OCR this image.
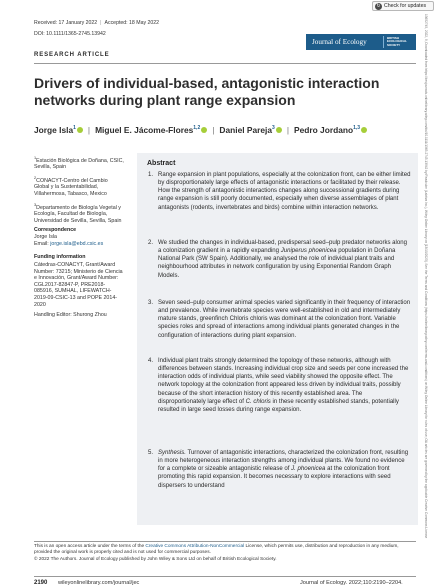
↻ Check for updates
Received: 17 January 2022 | Accepted: 18 May 2022
DOI: 10.1111/1365-2745.13942
Journal of Ecology
BRITISH
ECOLOGICAL
SOCIETY
RESEARCH ARTICLE
Drivers of individual-based, antagonistic interaction networks during plant range expansion
Jorge Isla$^1$ | Miguel E. Jácome-Flores$^{1,2}$ | Daniel Pareja$^3$ | Pedro Jordano$^{1,3}$
$^1$Estación Biológica de Doñana, CSIC, Sevilla, Spain
$^2$CONACYT-Centro del Cambio Global y la Sustentabilidad, Villahermosa, Tabasco, Mexico
$^3$Departamento de Biología Vegetal y Ecología, Facultad de Biología, Universidad de Sevilla, Sevilla, Spain
Correspondence
Jorge Isla
Email: jorge.isla@ebd.csic.es
Funding information
Cátedras-CONACYT, Grant/Award Number: 73215; Ministerio de Ciencia e Innovación, Grant/Award Number: CGL2017-82847-P, PRE2018-085916, SUMHAL, LIFEWATCH-2019-09-CSIC-13 and POPE 2014-2020
Handling Editor: Shurong Zhou
Abstract
1. Range expansion in plant populations, especially at the colonization front, can be either limited by disproportionately large effects of antagonistic interactions or facilitated by their release. How the strength of antagonistic interactions changes along successional gradients during range expansion is still poorly documented, especially when diverse assemblages of plant antagonists (rodents, invertebrates and birds) combine within interaction networks.
2. We studied the changes in individual-based, predispersal seed–pulp predator networks along a colonization gradient in a rapidly expanding Juniperus phoenicea population in Doñana National Park (SW Spain). Additionally, we analysed the role of individual plant traits and neighbourhood attributes in network configuration by using Exponential Random Graph Models.
3. Seven seed–pulp consumer animal species varied significantly in their frequency of interaction and prevalence. While invertebrate species were well-established in old and intermediately mature stands, greenfinch Chloris chloris was dominant at the colonization front. Variable species roles and spread of interactions among individual plants generated changes in the configuration of interactions during plant expansion.
4. Individual plant traits strongly determined the topology of these networks, although with differences between stands. Increasing individual crop size and seeds per cone increased the interaction odds of individual plants, while seed viability showed the opposite effect. The network topology at the colonization front appeared less driven by individual traits, possibly because of the short interaction history of this recently established area. The disproportionately large effect of C. chloris in these recently established stands, potentially resulted in large seed losses during range expansion.
5. Synthesis. Turnover of antagonistic interactions, characterized the colonization front, resulting in more heterogeneous interaction strengths among individual plants. We found no evidence for a complete or sizeable antagonistic release of J. phoenicea at the colonization front promoting this rapid expansion. It becomes necessary to explore interactions with seed dispersers to understand
This is an open access article under the terms of the Creative Commons Attribution-NonCommercial License, which permits use, distribution and reproduction in any medium, provided the original work is properly cited and is not used for commercial purposes.
© 2022 The Authors. Journal of Ecology published by John Wiley & Sons Ltd on behalf of British Ecological Society.
2190 wileyonlinelibrary.com/journal/jec	Journal of Ecology. 2022;110:2190–2204.
13652745, 2022, 9, Downloaded from https://besjournals.onlinelibrary.wiley.com/doi/10.1111/1365-2745.13942 by Readcube (Labtiva Inc.), Wiley Online Library on [13/10/2023]. See the Terms and Conditions (https://onlinelibrary.wiley.com/terms-and-conditions) on Wiley Online Library for rules of use; OA articles are governed by the applicable Creative Commons License
